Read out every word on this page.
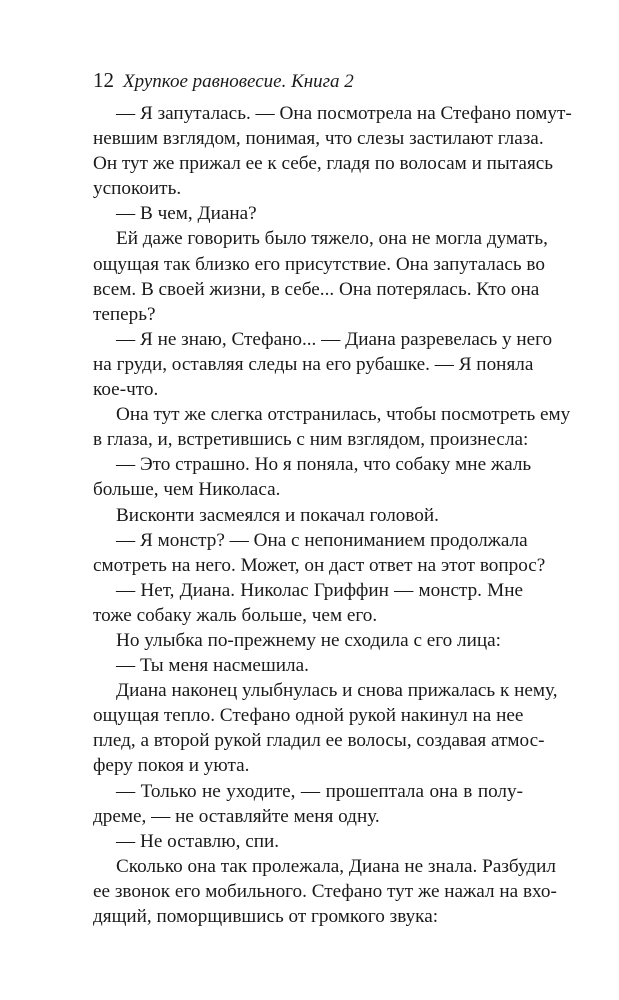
12 Хрупкое равновесие. Книга 2
— Я запуталась. — Она посмотрела на Стефано помут-
невшим взглядом, понимая, что слезы застилают глаза.
Он тут же прижал ее к себе, гладя по волосам и пытаясь
успокоить.
— В чем, Диана?
Ей даже говорить было тяжело, она не могла думать,
ощущая так близко его присутствие. Она запуталась во
всем. В своей жизни, в себе... Она потерялась. Кто она
теперь?
— Я не знаю, Стефано... — Диана разревелась у него
на груди, оставляя следы на его рубашке. — Я поняла
кое-что.
Она тут же слегка отстранилась, чтобы посмотреть ему
в глаза, и, встретившись с ним взглядом, произнесла:
— Это страшно. Но я поняла, что собаку мне жаль
больше, чем Николаса.
Висконти засмеялся и покачал головой.
— Я монстр? — Она с непониманием продолжала
смотреть на него. Может, он даст ответ на этот вопрос?
— Нет, Диана. Николас Гриффин — монстр. Мне
тоже собаку жаль больше, чем его.
Но улыбка по-прежнему не сходила с его лица:
— Ты меня насмешила.
Диана наконец улыбнулась и снова прижалась к нему,
ощущая тепло. Стефано одной рукой накинул на нее
плед, а второй рукой гладил ее волосы, создавая атмос-
феру покоя и уюта.
— Только не уходите, — прошептала она в полу-
дреме, — не оставляйте меня одну.
— Не оставлю, спи.
Сколько она так пролежала, Диана не знала. Разбудил
ее звонок его мобильного. Стефано тут же нажал на вхо-
дящий, поморщившись от громкого звука:
